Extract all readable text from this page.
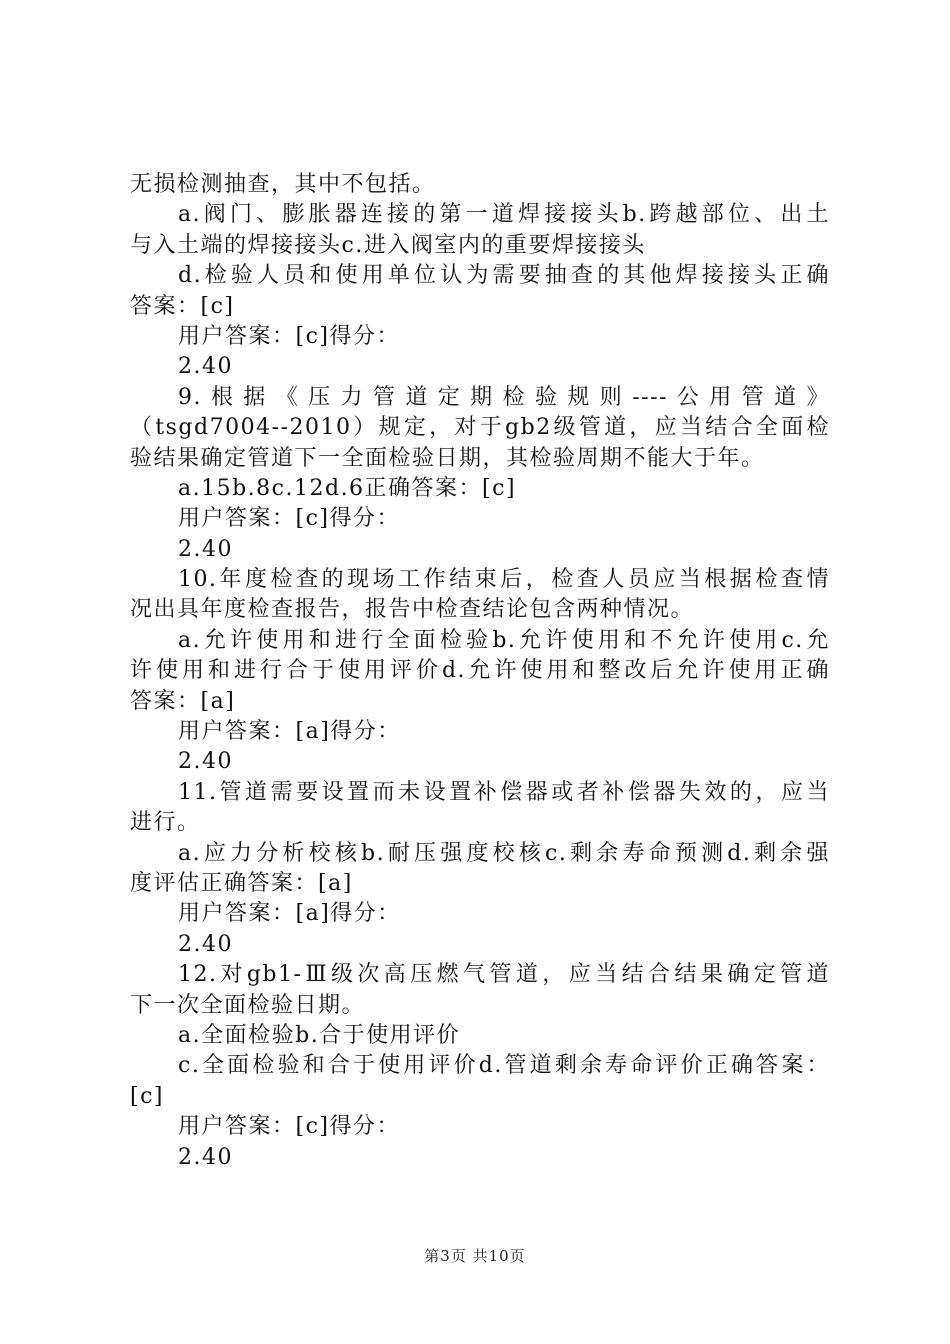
无损检测抽查，其中不包括。
a.阀门、膨胀器连接的第一道焊接接头b.跨越部位、出土
与入土端的焊接接头c.进入阀室内的重要焊接接头
d.检验人员和使用单位认为需要抽查的其他焊接接头正确
答案：[c]
用户答案：[c]得分：
2.40
9.根据《压力管道定期检验规则----公用管道》
（tsgd7004--2010）规定，对于gb2级管道，应当结合全面检
验结果确定管道下一全面检验日期，其检验周期不能大于年。
a.15b.8c.12d.6正确答案：[c]
用户答案：[c]得分：
2.40
10.年度检查的现场工作结束后，检查人员应当根据检查情
况出具年度检查报告，报告中检查结论包含两种情况。
a.允许使用和进行全面检验b.允许使用和不允许使用c.允
许使用和进行合于使用评价d.允许使用和整改后允许使用正确
答案：[a]
用户答案：[a]得分：
2.40
11.管道需要设置而未设置补偿器或者补偿器失效的，应当
进行。
a.应力分析校核b.耐压强度校核c.剩余寿命预测d.剩余强
度评估正确答案：[a]
用户答案：[a]得分：
2.40
12.对gb1-Ⅲ级次高压燃气管道，应当结合结果确定管道
下一次全面检验日期。
a.全面检验b.合于使用评价
c.全面检验和合于使用评价d.管道剩余寿命评价正确答案：
[c]
用户答案：[c]得分：
2.40
第3页 共10页
